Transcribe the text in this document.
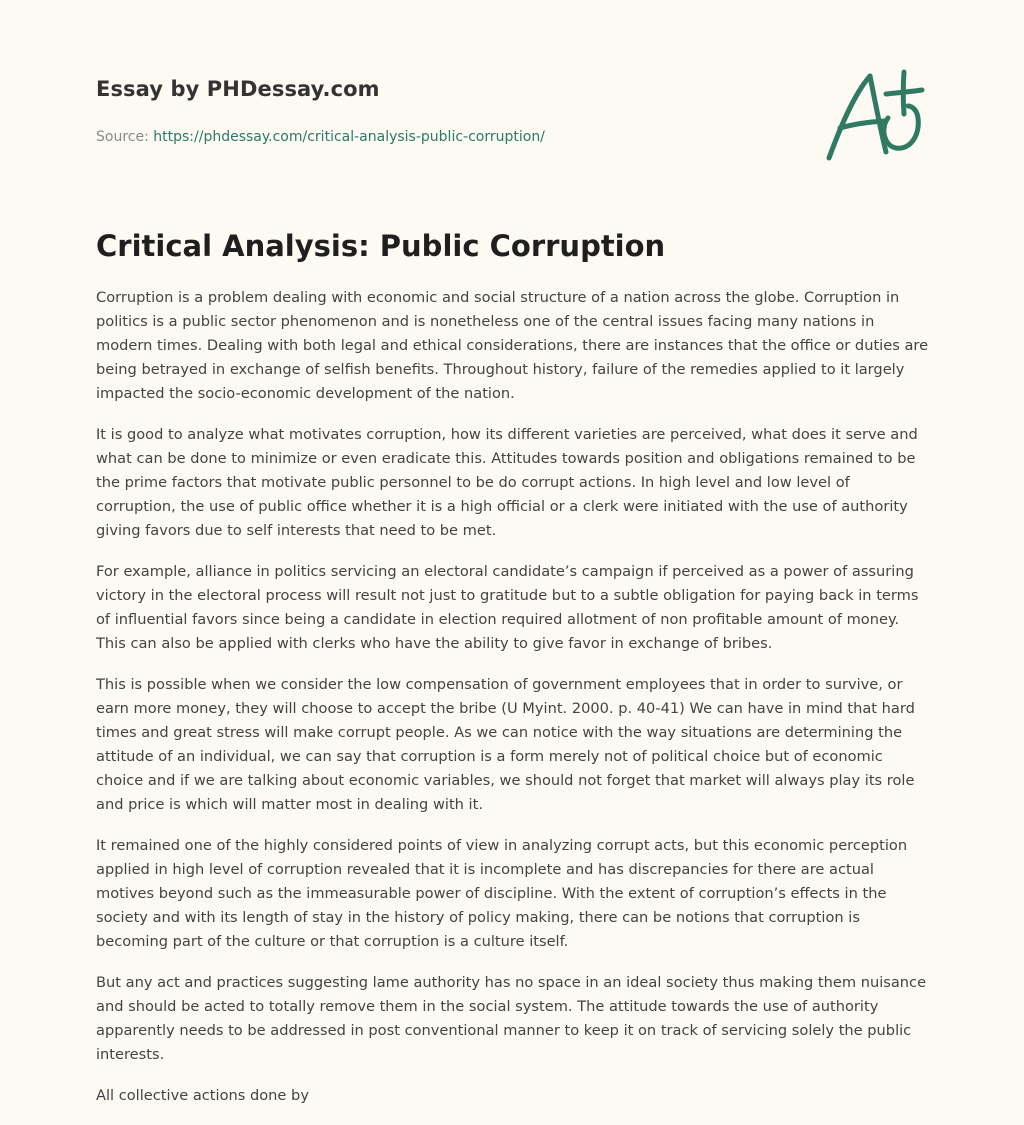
Essay by PHDessay.com
Source: https://phdessay.com/critical-analysis-public-corruption/
Critical Analysis: Public Corruption

Corruption is a problem dealing with economic and social structure of a nation across the globe. Corruption in politics is a public sector phenomenon and is nonetheless one of the central issues facing many nations in modern times. Dealing with both legal and ethical considerations, there are instances that the office or duties are being betrayed in exchange of selfish benefits. Throughout history, failure of the remedies applied to it largely impacted the socio-economic development of the nation.

It is good to analyze what motivates corruption, how its different varieties are perceived, what does it serve and what can be done to minimize or even eradicate this. Attitudes towards position and obligations remained to be the prime factors that motivate public personnel to be do corrupt actions. In high level and low level of corruption, the use of public office whether it is a high official or a clerk were initiated with the use of authority giving favors due to self interests that need to be met.

For example, alliance in politics servicing an electoral candidate’s campaign if perceived as a power of assuring victory in the electoral process will result not just to gratitude but to a subtle obligation for paying back in terms of influential favors since being a candidate in election required allotment of non profitable amount of money. This can also be applied with clerks who have the ability to give favor in exchange of bribes.

This is possible when we consider the low compensation of government employees that in order to survive, or earn more money, they will choose to accept the bribe (U Myint. 2000. p. 40-41) We can have in mind that hard times and great stress will make corrupt people. As we can notice with the way situations are determining the attitude of an individual, we can say that corruption is a form merely not of political choice but of economic choice and if we are talking about economic variables, we should not forget that market will always play its role and price is which will matter most in dealing with it.

It remained one of the highly considered points of view in analyzing corrupt acts, but this economic perception applied in high level of corruption revealed that it is incomplete and has discrepancies for there are actual motives beyond such as the immeasurable power of discipline. With the extent of corruption’s effects in the society and with its length of stay in the history of policy making, there can be notions that corruption is becoming part of the culture or that corruption is a culture itself.

But any act and practices suggesting lame authority has no space in an ideal society thus making them nuisance and should be acted to totally remove them in the social system. The attitude towards the use of authority apparently needs to be addressed in post conventional manner to keep it on track of servicing solely the public interests.

All collective actions done by
